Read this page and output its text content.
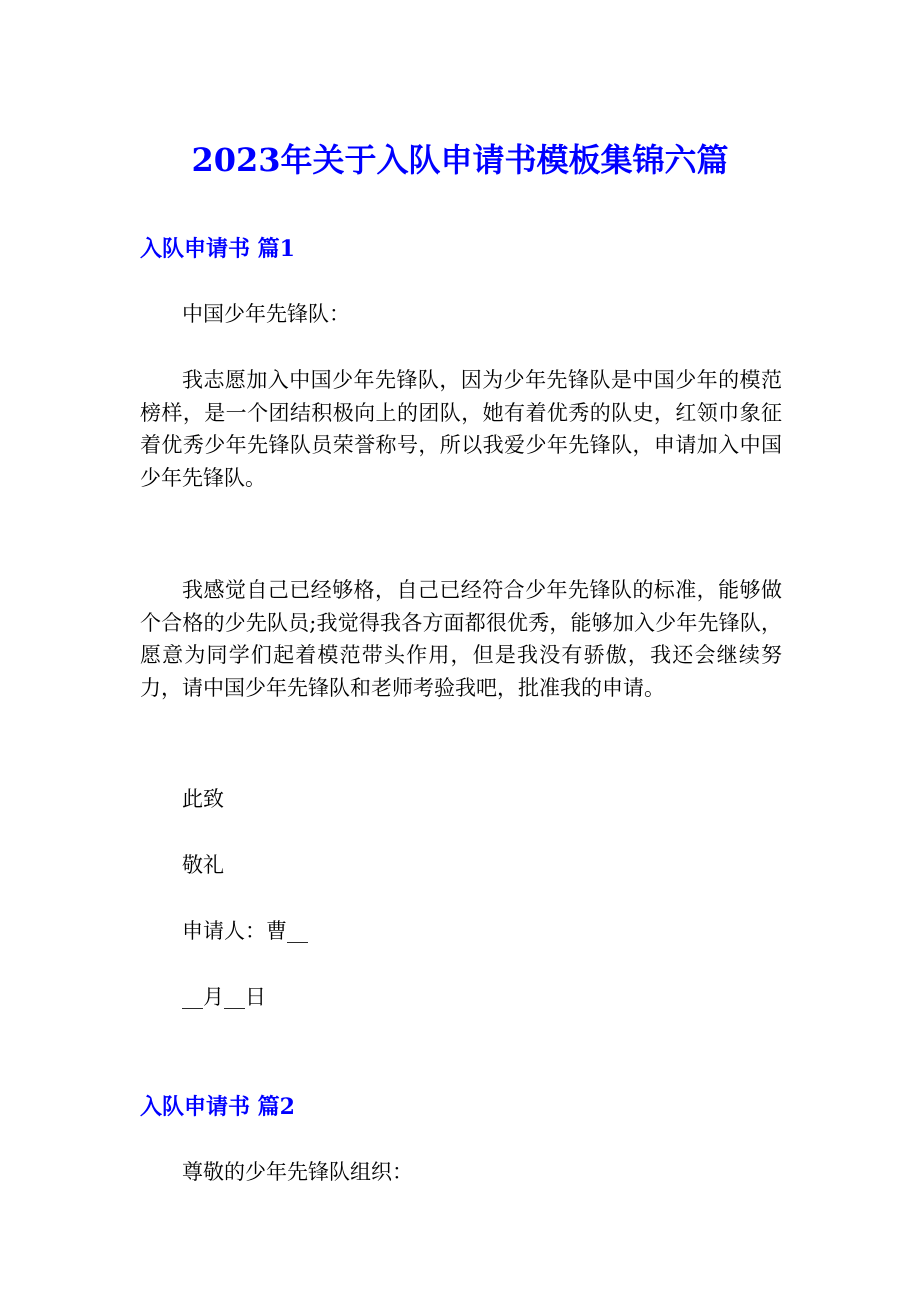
2023年关于入队申请书模板集锦六篇
入队申请书 篇1
中国少年先锋队：
我志愿加入中国少年先锋队，因为少年先锋队是中国少年的模范榜样，是一个团结积极向上的团队，她有着优秀的队史，红领巾象征着优秀少年先锋队员荣誉称号，所以我爱少年先锋队，申请加入中国少年先锋队。
我感觉自己已经够格，自己已经符合少年先锋队的标准，能够做个合格的少先队员;我觉得我各方面都很优秀，能够加入少年先锋队，愿意为同学们起着模范带头作用，但是我没有骄傲，我还会继续努力，请中国少年先锋队和老师考验我吧，批准我的申请。
此致
敬礼
申请人：曹__
__月__日
入队申请书 篇2
尊敬的少年先锋队组织：
